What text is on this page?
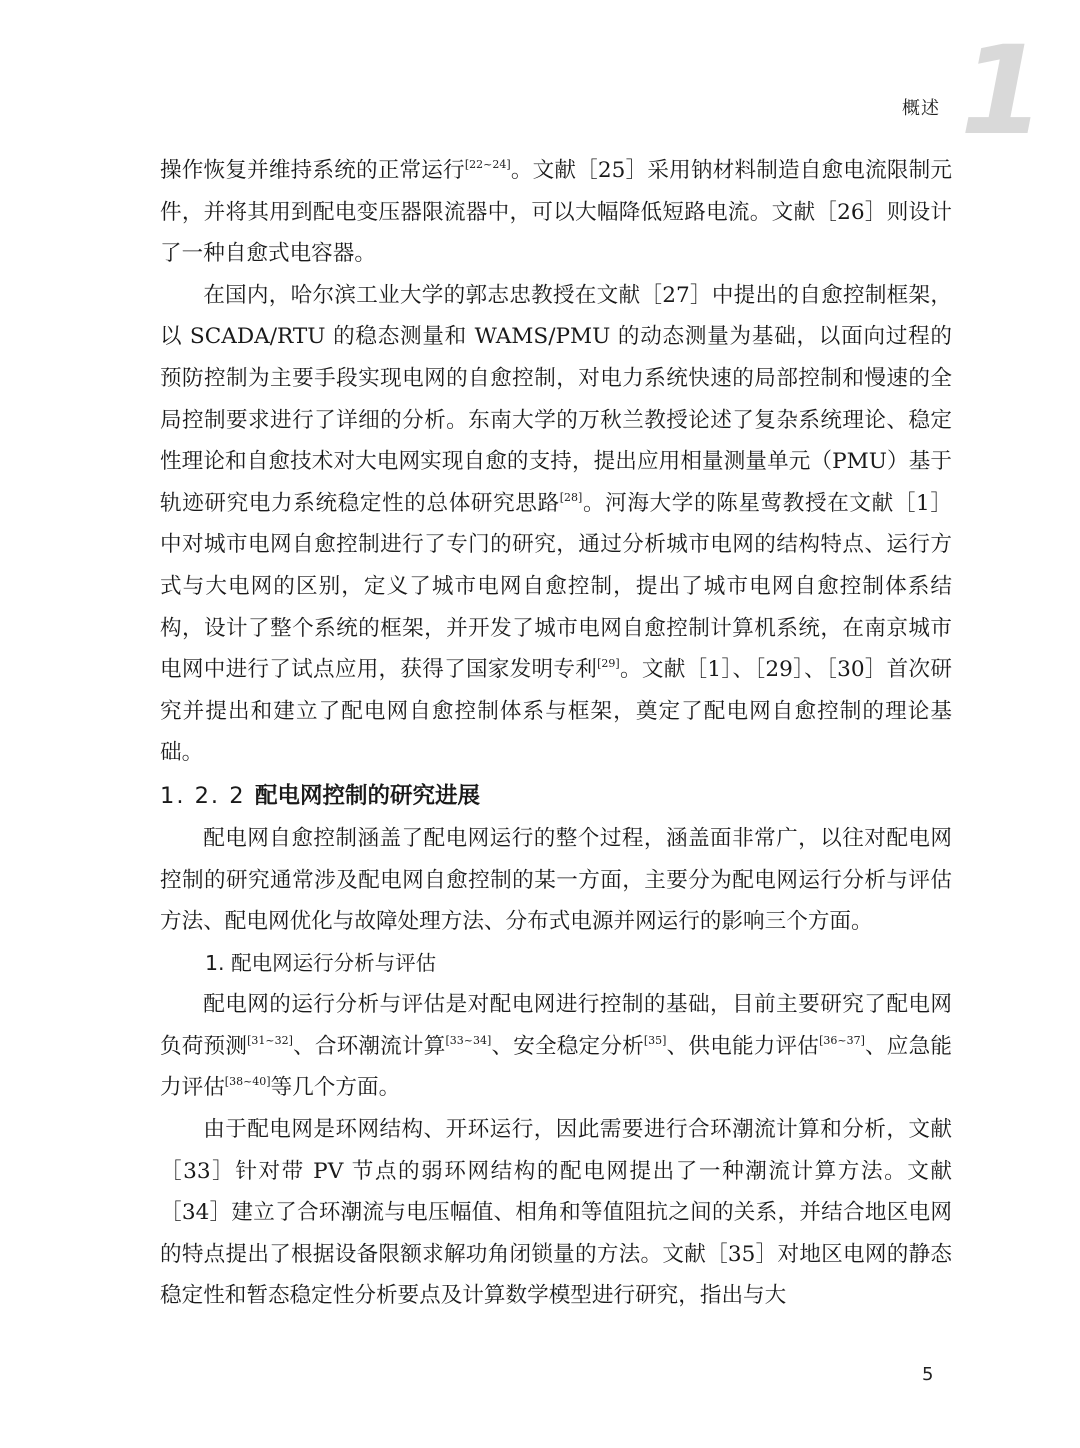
1
概述

操作恢复并维持系统的正常运行[22~24]。文献［25］采用钠材料制造自愈电流限制元件，并将其用到配电变压器限流器中，可以大幅降低短路电流。文献［26］则设计了一种自愈式电容器。

在国内，哈尔滨工业大学的郭志忠教授在文献［27］中提出的自愈控制框架，以 SCADA/RTU 的稳态测量和 WAMS/PMU 的动态测量为基础，以面向过程的预防控制为主要手段实现电网的自愈控制，对电力系统快速的局部控制和慢速的全局控制要求进行了详细的分析。东南大学的万秋兰教授论述了复杂系统理论、稳定性理论和自愈技术对大电网实现自愈的支持，提出应用相量测量单元（PMU）基于轨迹研究电力系统稳定性的总体研究思路[28]。河海大学的陈星莺教授在文献［1］中对城市电网自愈控制进行了专门的研究，通过分析城市电网的结构特点、运行方式与大电网的区别，定义了城市电网自愈控制，提出了城市电网自愈控制体系结构，设计了整个系统的框架，并开发了城市电网自愈控制计算机系统，在南京城市电网中进行了试点应用，获得了国家发明专利[29]。文献［1］、［29］、［30］首次研究并提出和建立了配电网自愈控制体系与框架，奠定了配电网自愈控制的理论基础。

1. 2. 2 配电网控制的研究进展

配电网自愈控制涵盖了配电网运行的整个过程，涵盖面非常广，以往对配电网控制的研究通常涉及配电网自愈控制的某一方面，主要分为配电网运行分析与评估方法、配电网优化与故障处理方法、分布式电源并网运行的影响三个方面。

1. 配电网运行分析与评估

配电网的运行分析与评估是对配电网进行控制的基础，目前主要研究了配电网负荷预测[31~32]、合环潮流计算[33~34]、安全稳定分析[35]、供电能力评估[36~37]、应急能力评估[38~40]等几个方面。

由于配电网是环网结构、开环运行，因此需要进行合环潮流计算和分析，文献［33］针对带 PV 节点的弱环网结构的配电网提出了一种潮流计算方法。文献［34］建立了合环潮流与电压幅值、相角和等值阻抗之间的关系，并结合地区电网的特点提出了根据设备限额求解功角闭锁量的方法。文献［35］对地区电网的静态稳定性和暂态稳定性分析要点及计算数学模型进行研究，指出与大

5
